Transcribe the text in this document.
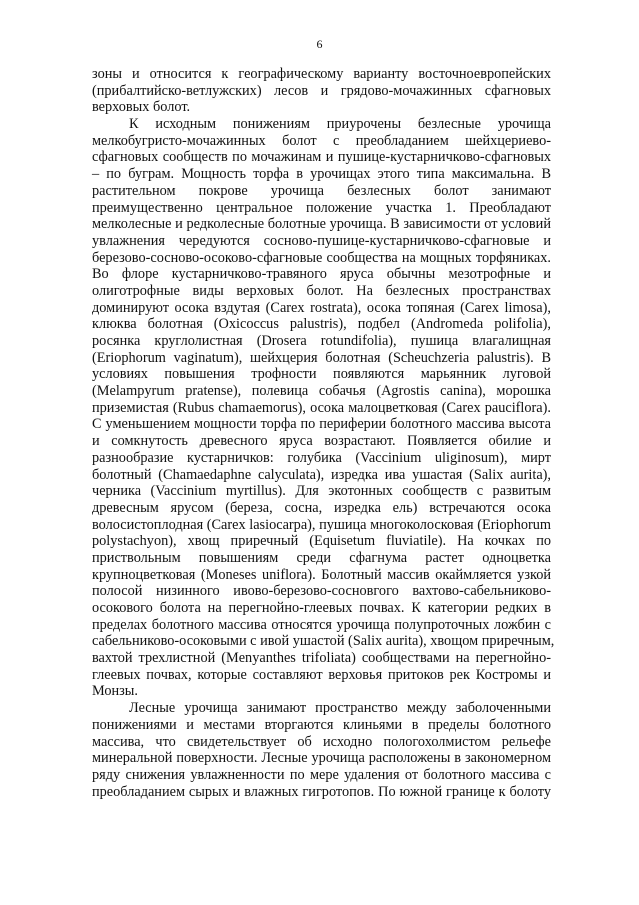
6
зоны и относится к географическому варианту восточноевропейских
(прибалтийско-ветлужских) лесов и грядово-мочажинных сфагновых
верховых болот.
К исходным понижениям приурочены безлесные урочища
мелкобугристо-мочажинных болот с преобладанием шейхцериево-
сфагновых сообществ по мочажинам и пушице-кустарничково-сфагновых
– по буграм. Мощность торфа в урочищах этого типа максимальна. В
растительном покрове урочища безлесных болот занимают
преимущественно центральное положение участка 1. Преобладают
мелколесные и редколесные болотные урочища. В зависимости от условий
увлажнения чередуются сосново-пушице-кустарничково-сфагновые и
березово-сосново-осоково-сфагновые сообщества на мощных торфяниках.
Во флоре кустарничково-травяного яруса обычны мезотрофные и
олиготрофные виды верховых болот. На безлесных пространствах
доминируют осока вздутая (Carex rostrata), осока топяная (Carex limosa),
клюква болотная (Oxicoccus palustris), подбел (Andromeda polifolia),
росянка круглолистная (Drosera rotundifolia), пушица влагалищная
(Eriophorum vaginatum), шейхцерия болотная (Scheuchzeria palustris). В
условиях повышения трофности появляются марьянник луговой
(Melampyrum pratense), полевица собачья (Agrostis canina), морошка
приземистая (Rubus chamaemorus), осока малоцветковая (Carex pauciflora).
С уменьшением мощности торфа по периферии болотного массива высота
и сомкнутость древесного яруса возрастают. Появляется обилие и
разнообразие кустарничков: голубика (Vaccinium uliginosum), мирт
болотный (Chamaedaphne calyculata), изредка ива ушастая (Salix aurita),
черника (Vaccinium myrtillus). Для экотонных сообществ с развитым
древесным ярусом (береза, сосна, изредка ель) встречаются осока
волосистоплодная (Carex lasiocarpa), пушица многоколосковая (Eriophorum
polystachyon), хвощ приречный (Equisetum fluviatile). На кочках по
приствольным повышениям среди сфагнума растет одноцветка
крупноцветковая (Moneses uniflora). Болотный массив окаймляется узкой
полосой низинного ивово-березово-сосновгого вахтово-сабельниково-
осокового болота на перегнойно-глеевых почвах. К категории редких в
пределах болотного массива относятся урочища полупроточных ложбин с
сабельниково-осоковыми с ивой ушастой (Salix aurita), хвощом приречным,
вахтой трехлистной (Menyanthes trifoliata) сообществами на перегнойно-
глеевых почвах, которые составляют верховья притоков рек Костромы и
Монзы.
Лесные урочища занимают пространство между заболоченными
понижениями и местами вторгаются клиньями в пределы болотного
массива, что свидетельствует об исходно пологохолмистом рельефе
минеральной поверхности. Лесные урочища расположены в закономерном
ряду снижения увлажненности по мере удаления от болотного массива с
преобладанием сырых и влажных гигротопов. По южной границе к болоту
